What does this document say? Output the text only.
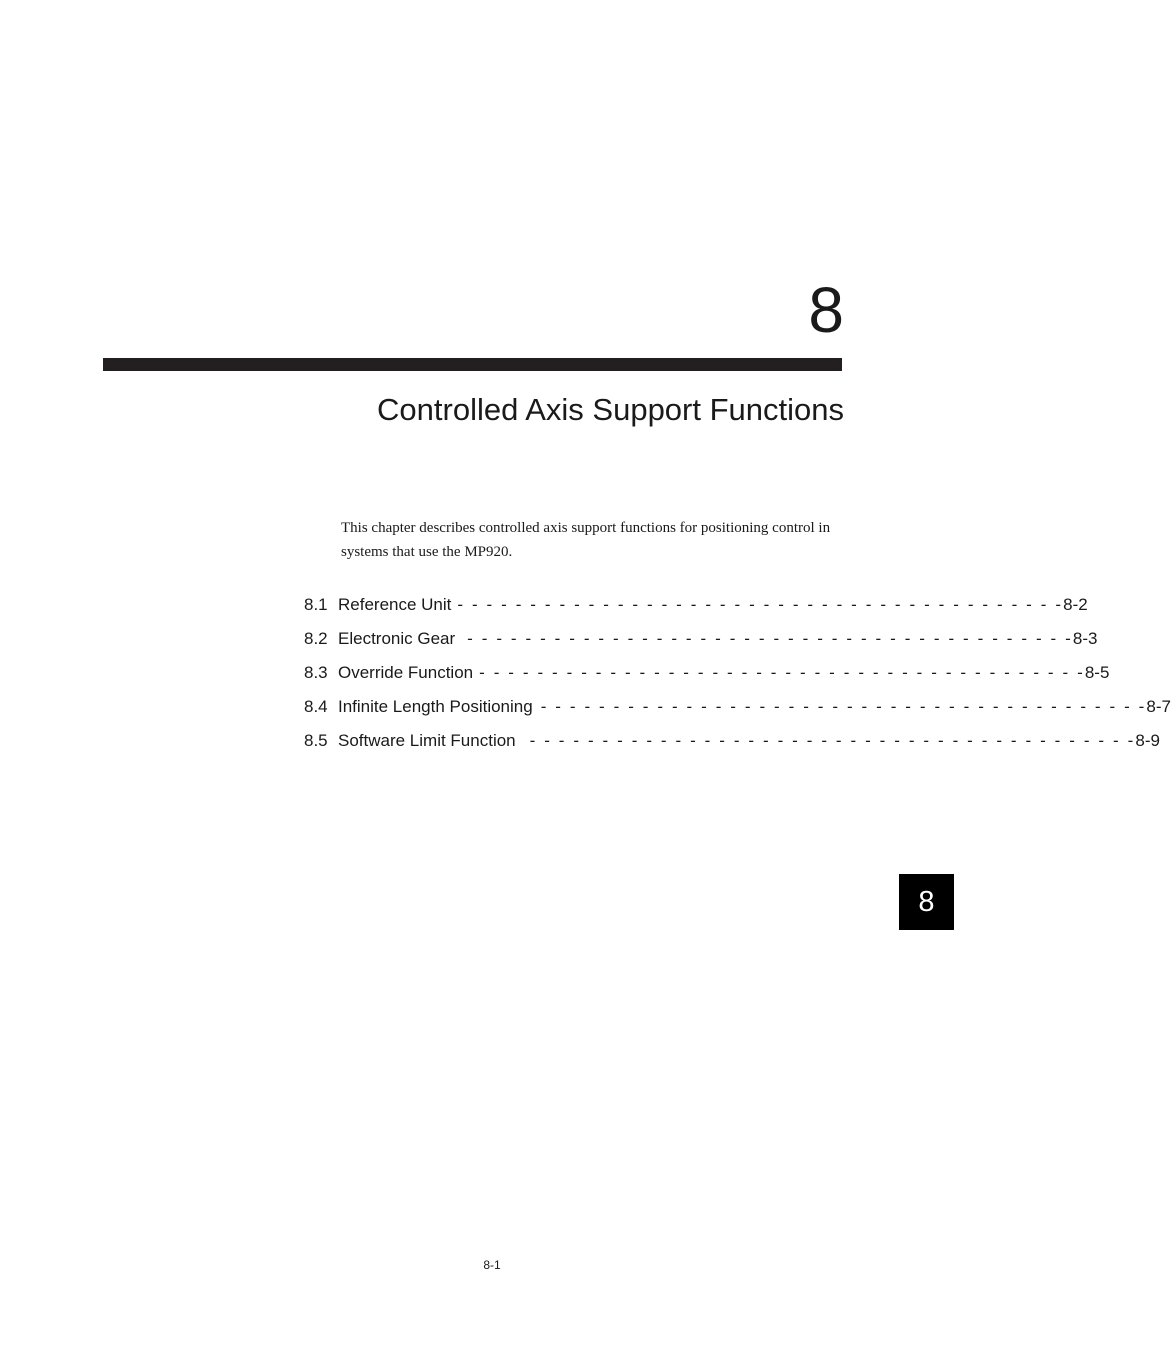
8
Controlled Axis Support Functions

This chapter describes controlled axis support functions for positioning control in systems that use the MP920.

8.1 Reference Unit - - - - - - - - - - - - - - - - - - - - - - - - - - - - - - - - - - - - - - - - - - 8-2
8.2 Electronic Gear - - - - - - - - - - - - - - - - - - - - - - - - - - - - - - - - - - - - - - - - - - 8-3
8.3 Override Function - - - - - - - - - - - - - - - - - - - - - - - - - - - - - - - - - - - - - - - - - - 8-5
8.4 Infinite Length Positioning - - - - - - - - - - - - - - - - - - - - - - - - - - - - - - - - - - - - - - - - - - 8-7
8.5 Software Limit Function - - - - - - - - - - - - - - - - - - - - - - - - - - - - - - - - - - - - - - - - - - 8-9
8
8-1
